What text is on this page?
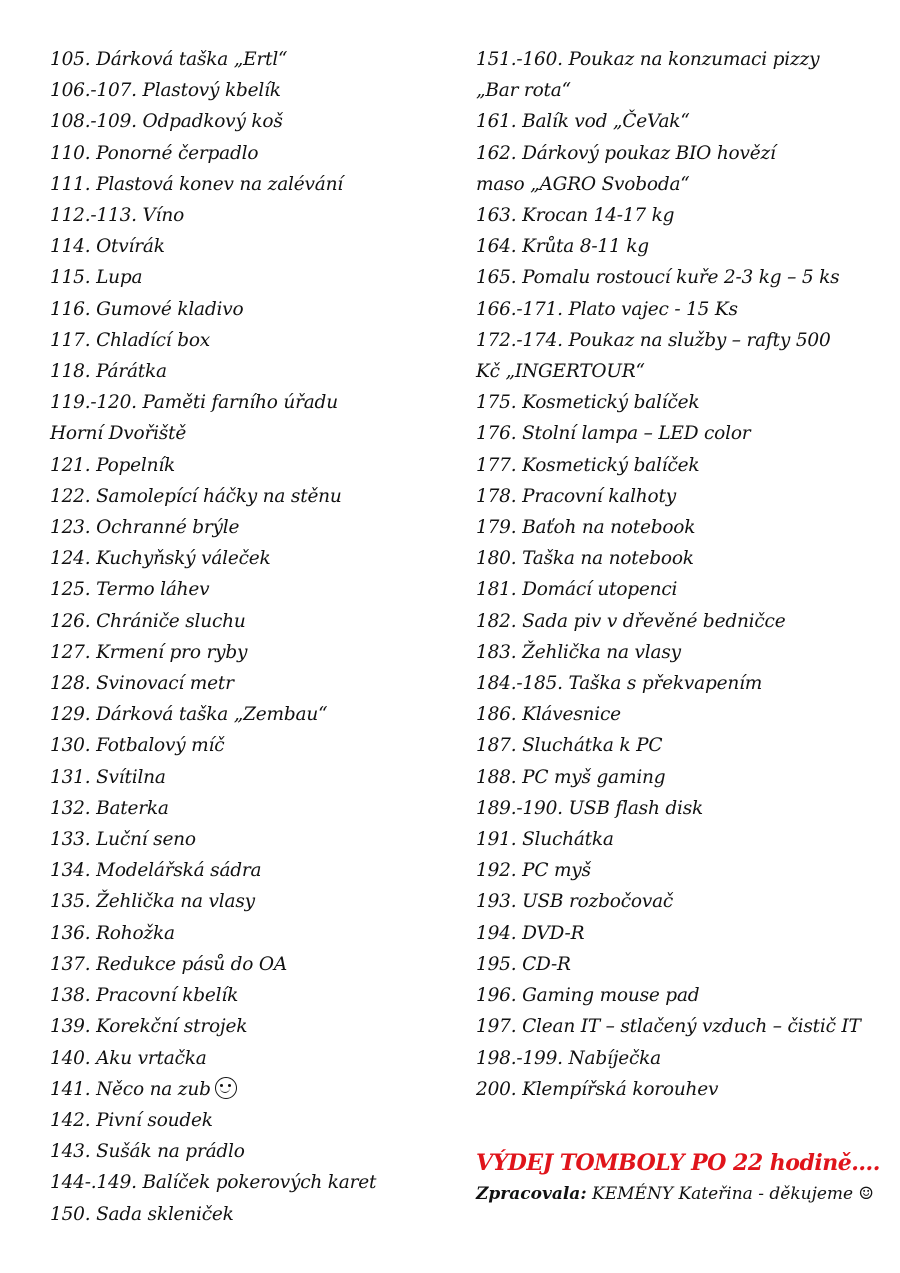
105. Dárková taška „Ertl“
106.-107. Plastový kbelík
108.-109. Odpadkový koš
110. Ponorné čerpadlo
111. Plastová konev na zalévání
112.-113. Víno
114. Otvírák
115. Lupa
116. Gumové kladivo
117. Chladící box
118. Párátka
119.-120. Paměti farního úřadu Horní Dvořiště
121. Popelník
122. Samolepící háčky na stěnu
123. Ochranné brýle
124. Kuchyňský váleček
125. Termo láhev
126. Chrániče sluchu
127. Krmení pro ryby
128. Svinovací metr
129. Dárková taška „Zembau“
130. Fotbalový míč
131. Svítilna
132. Baterka
133. Luční seno
134. Modelářská sádra
135. Žehlička na vlasy
136. Rohožka
137. Redukce pásů do OA
138. Pracovní kbelík
139. Korekční strojek
140. Aku vrtačka
141. Něco na zub
142. Pivní soudek
143. Sušák na prádlo
144-.149. Balíček pokerových karet
150. Sada skleniček
151.-160. Poukaz na konzumaci pizzy „Bar rota“
161. Balík vod „ČeVak“
162. Dárkový poukaz BIO hovězí maso „AGRO Svoboda“
163. Krocan 14-17 kg
164. Krůta 8-11 kg
165. Pomalu rostoucí kuře 2-3 kg – 5 ks
166.-171. Plato vajec - 15 Ks
172.-174. Poukaz na služby – rafty 500 Kč „INGERTOUR“
175. Kosmetický balíček
176. Stolní lampa – LED color
177. Kosmetický balíček
178. Pracovní kalhoty
179. Baťoh na notebook
180. Taška na notebook
181. Domácí utopenci
182. Sada piv v dřevěné bedničce
183. Žehlička na vlasy
184.-185. Taška s překvapením
186. Klávesnice
187. Sluchátka k PC
188. PC myš gaming
189.-190. USB flash disk
191. Sluchátka
192. PC myš
193. USB rozbočovač
194. DVD-R
195. CD-R
196. Gaming mouse pad
197. Clean IT – stlačený vzduch – čistič IT
198.-199. Nabíječka
200. Klempířská korouhev
VÝDEJ TOMBOLY PO 22 hodině....
Zpracovala: KEMÉNY Kateřina - děkujeme ☺
